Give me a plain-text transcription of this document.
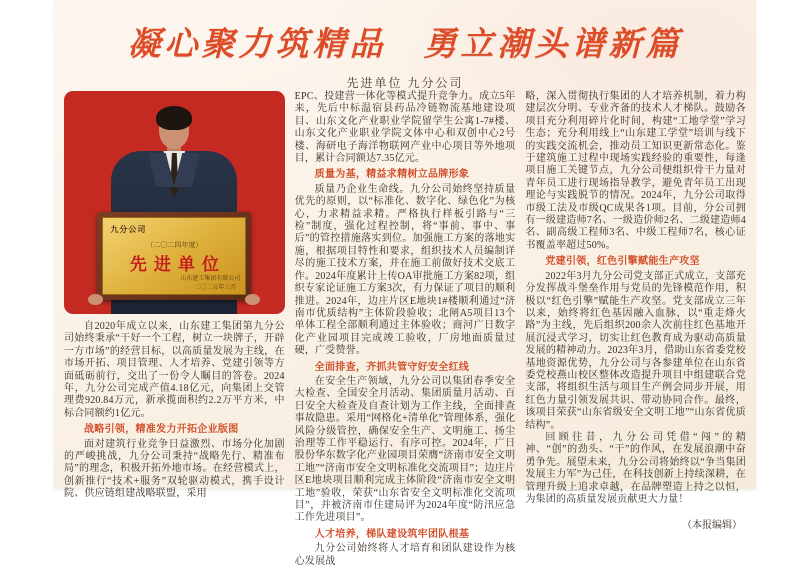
凝心聚力筑精品　勇立潮头谱新篇
先进单位 九分公司
九分公司
（二〇二四年度）
先进单位
山东建工集团有限公司
二〇二五年三月

自2020年成立以来，山东建工集团第九分公司始终秉承“干好一个工程，树立一块牌子，开辟一方市场”的经营目标，以高质量发展为主线，在市场开拓、项目管理、人才培养、党建引领等方面砥砺前行，交出了一份令人瞩目的答卷。2024年，九分公司完成产值4.18亿元，向集团上交管理费920.84万元，新承揽面积约2.2万平方米，中标合同额约1亿元。

战略引领，精准发力开拓企业版图

面对建筑行业竞争日益激烈、市场分化加剧的严峻挑战，九分公司秉持“战略先行、精准布局”的理念，积极开拓外地市场。在经营模式上，创新推行“技术+服务”双轮驱动模式，携手设计院、供应链组建战略联盟，采用

EPC、投建营一体化等模式提升竞争力。成立5年来，先后中标温宿县药品冷链物流基地建设项目、山东文化产业职业学院留学生公寓1-7#楼、山东文化产业职业学院文体中心和双创中心2号楼、海研电子海洋物联网产业中心项目等外地项目，累计合同额达7.35亿元。

质量为基，精益求精树立品牌形象

质量乃企业生命线。九分公司始终坚持质量优先的原则，以“标准化、数字化、绿色化”为核心，力求精益求精。严格执行样板引路与“三检”制度，强化过程控制，将“事前、事中、事后”的管控措施落实到位。加强施工方案的落地实施，根据项目特性和要求，组织技术人员编制详尽的施工技术方案，并在施工前做好技术交底工作。2024年度累计上传OA审批施工方案82项，组织专家论证施工方案3次，有力保证了项目的顺利推进。2024年，边庄片区E地块1#楼顺利通过“济南市优质结构”主体阶段验收；北闸A5项目13个单体工程全部顺利通过主体验收；商河广日数字化产业园项目完成竣工验收，厂房地面质量过硬，广受赞誉。

全面排查，齐抓共管守好安全红线

在安全生产领域，九分公司以集团春季安全大检查、全国安全月活动、集团质量月活动、百日安全大检查及自查计划为工作主线，全面排查事故隐患。采用“网格化+清单化”管理体系，强化风险分级管控，确保安全生产、文明施工、扬尘治理等工作平稳运行、有序可控。2024年，广日股份华东数字化产业园项目荣膺“济南市安全文明工地”“济南市安全文明标准化交流项目”；边庄片区E地块项目顺利完成主体阶段“济南市安全文明工地”验收，荣获“山东省安全文明标准化交流项目”，并被济南市住建局评为2024年度“防汛应急工作先进项目”。

人才培养，梯队建设筑牢团队根基

九分公司始终将人才培育和团队建设作为核心发展战

略，深入贯彻执行集团的人才培养机制，着力构建层次分明、专业齐备的技术人才梯队。鼓励各项目充分利用碎片化时间，构建“工地学堂”学习生态；充分利用线上“山东建工学堂”培训与线下的实践交流机会，推动员工知识更新常态化。鉴于建筑施工过程中现场实践经验的重要性，每逢项目施工关键节点，九分公司便组织骨干力量对青年员工进行现场指导教学，避免青年员工出现理论与实践脱节的情况。2024年，九分公司取得市级工法及市级QC成果各1项。目前，分公司拥有一级建造师7名、一级造价师2名、二级建造师4名、副高级工程师3名、中级工程师7名，核心证书覆盖率超过50%。

党建引领，红色引擎赋能生产攻坚

2022年3月九分公司党支部正式成立，支部充分发挥战斗堡垒作用与党员的先锋模范作用，积极以“红色引擎”赋能生产攻坚。党支部成立三年以来，始终将红色基因融入血脉，以“重走烽火路”为主线，先后组织200余人次前往红色基地开展沉浸式学习，切实让红色教育成为驱动高质量发展的精神动力。2023年3月，借助山东省委党校基地资源优势，九分公司与各参建单位在山东省委党校燕山校区整体改造提升项目中组建联合党支部，将组织生活与项目生产例会同步开展，用红色力量引领发展共识、带动协同合作。最终，该项目荣获“山东省级安全文明工地”“山东省优质结构”。

回顾往昔，九分公司凭借“闯”的精神、“创”的劲头、“干”的作风，在发展浪潮中奋勇争先。展望未来，九分公司将始终以“争当集团发展主力军”为己任，在科技创新上持续深耕，在管理升级上追求卓越，在品牌塑造上持之以恒，为集团的高质量发展贡献更大力量！

（本报编辑）
